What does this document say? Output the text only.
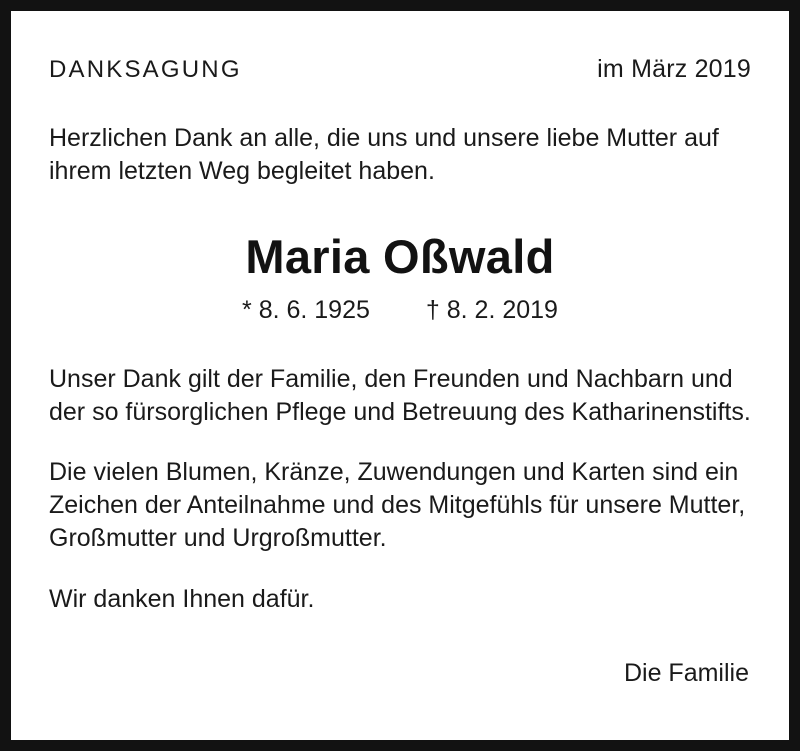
DANKSAGUNG	im März 2019

Herzlichen Dank an alle, die uns und unsere liebe Mutter auf ihrem letzten Weg begleitet haben.

Maria Oßwald
* 8. 6. 1925 † 8. 2. 2019

Unser Dank gilt der Familie, den Freunden und Nachbarn und der so fürsorglichen Pflege und Betreuung des Katharinenstifts.

Die vielen Blumen, Kränze, Zuwendungen und Karten sind ein Zeichen der Anteilnahme und des Mitgefühls für unsere Mutter, Großmutter und Urgroßmutter.

Wir danken Ihnen dafür.

Die Familie
